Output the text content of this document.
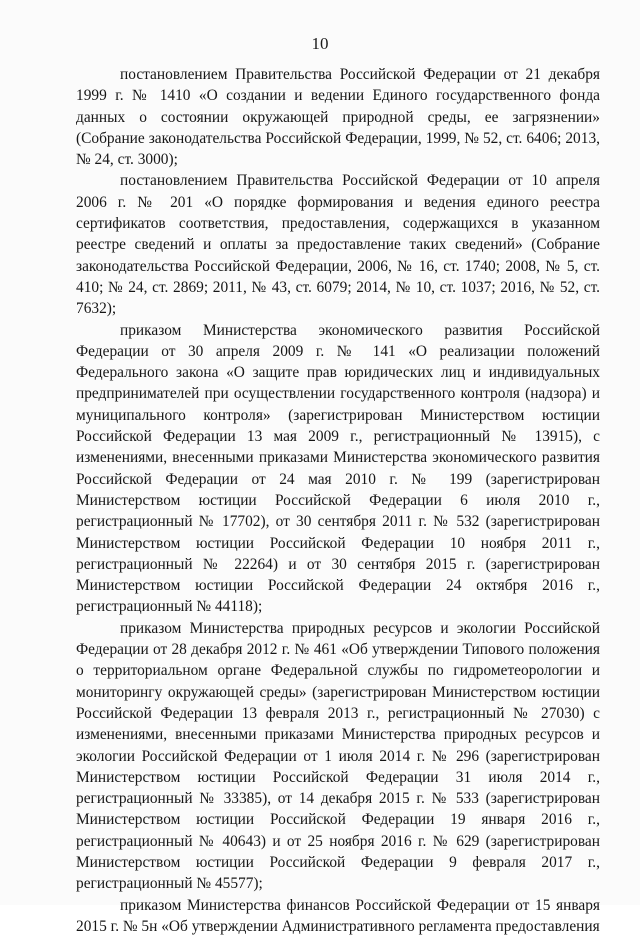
10

постановлением Правительства Российской Федерации от 21 декабря 1999 г. № 1410 «О создании и ведении Единого государственного фонда данных о состоянии окружающей природной среды, ее загрязнении» (Собрание законодательства Российской Федерации, 1999, № 52, ст. 6406; 2013, № 24, ст. 3000);

постановлением Правительства Российской Федерации от 10 апреля 2006 г. № 201 «О порядке формирования и ведения единого реестра сертификатов соответствия, предоставления, содержащихся в указанном реестре сведений и оплаты за предоставление таких сведений» (Собрание законодательства Российской Федерации, 2006, № 16, ст. 1740; 2008, № 5, ст. 410; № 24, ст. 2869; 2011, № 43, ст. 6079; 2014, № 10, ст. 1037; 2016, № 52, ст. 7632);

приказом Министерства экономического развития Российской Федерации от 30 апреля 2009 г. № 141 «О реализации положений Федерального закона «О защите прав юридических лиц и индивидуальных предпринимателей при осуществлении государственного контроля (надзора) и муниципального контроля» (зарегистрирован Министерством юстиции Российской Федерации 13 мая 2009 г., регистрационный № 13915), с изменениями, внесенными приказами Министерства экономического развития Российской Федерации от 24 мая 2010 г. № 199 (зарегистрирован Министерством юстиции Российской Федерации 6 июля 2010 г., регистрационный № 17702), от 30 сентября 2011 г. № 532 (зарегистрирован Министерством юстиции Российской Федерации 10 ноября 2011 г., регистрационный № 22264) и от 30 сентября 2015 г. (зарегистрирован Министерством юстиции Российской Федерации 24 октября 2016 г., регистрационный № 44118);

приказом Министерства природных ресурсов и экологии Российской Федерации от 28 декабря 2012 г. № 461 «Об утверждении Типового положения о территориальном органе Федеральной службы по гидрометеорологии и мониторингу окружающей среды» (зарегистрирован Министерством юстиции Российской Федерации 13 февраля 2013 г., регистрационный № 27030) с изменениями, внесенными приказами Министерства природных ресурсов и экологии Российской Федерации от 1 июля 2014 г. № 296 (зарегистрирован Министерством юстиции Российской Федерации 31 июля 2014 г., регистрационный № 33385), от 14 декабря 2015 г. № 533 (зарегистрирован Министерством юстиции Российской Федерации 19 января 2016 г., регистрационный № 40643) и от 25 ноября 2016 г. № 629 (зарегистрирован Министерством юстиции Российской Федерации 9 февраля 2017 г., регистрационный № 45577);

приказом Министерства финансов Российской Федерации от 15 января 2015 г. № 5н «Об утверждении Административного регламента предоставления
